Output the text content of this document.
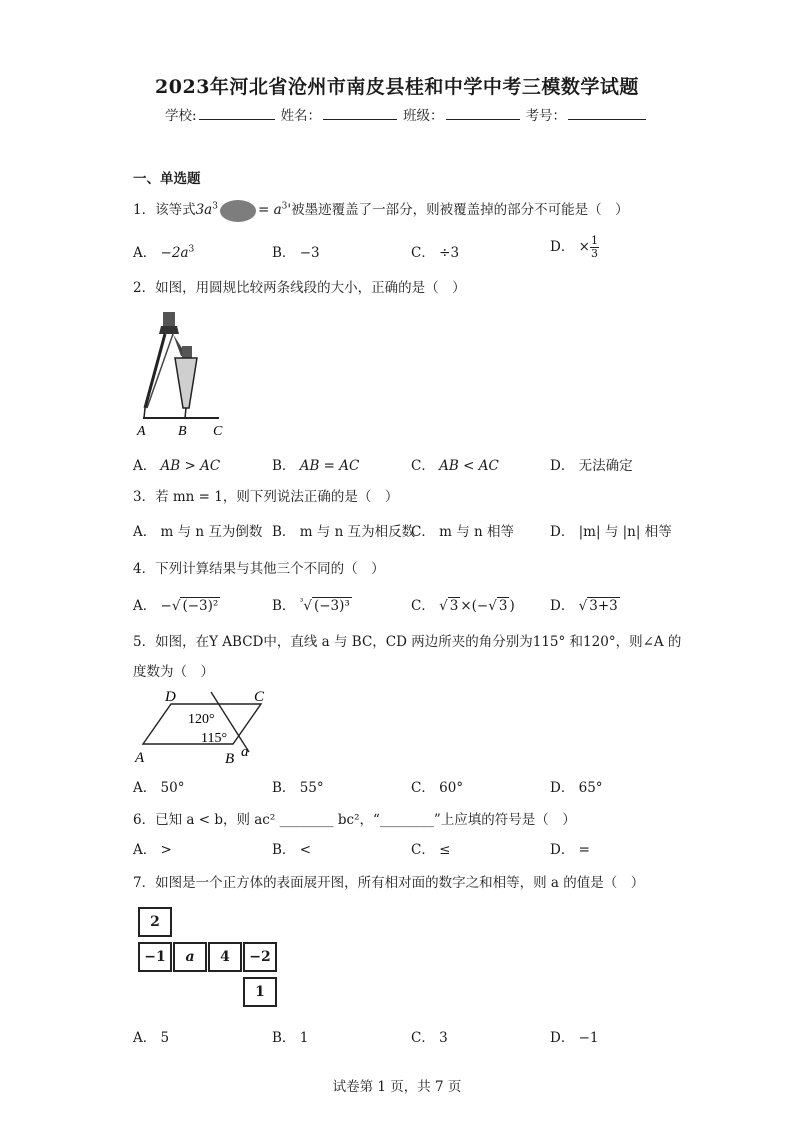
2023年河北省沧州市南皮县桂和中学中考三模数学试题
学校:	姓名：	班级：	考号：
一、单选题
1．该等式$3a^3$	= $a^3'$被墨迹覆盖了一部分，则被覆盖掉的部分不可能是（　）
A． $-2a^3$	B． −3	C． ÷3	D． × $\frac{1}{3}$
2．如图，用圆规比较两条线段的大小，正确的是（　）
A B C
A． AB > AC	B． AB = AC	C． AB < AC	D． 无法确定
3．若 mn = 1，则下列说法正确的是（　）
A． m 与 n 互为倒数 B． m 与 n 互为相反数
C． m 与 n 相等	D． |m| 与 |n| 相等
4．下列计算结果与其他三个不同的（　）
A． −√ (−3)²	B． $^{^3}$√ (−3)³	C． √ 3 ×(−√ 3 )	D． √ 3+3
5．如图，在Y ABCD中，直线 a 与 BC，CD 两边所夹的角分别为115° 和120°，则∠A 的
度数为（　）
D	C
A	B a
120°
115°
A． 50°	B． 55°	C． 60°	D． 65°
6．已知 a < b，则 ac² ________ bc²，“________”上应填的符号是（　）
A． >	B． <	C． ≤	D． =
7．如图是一个正方体的表面展开图，所有相对面的数字之和相等，则 a 的值是（　）
2
−1	a	4	−2
1
A． 5	B． 1	C． 3	D． −1
试卷第 1 页，共 7 页
